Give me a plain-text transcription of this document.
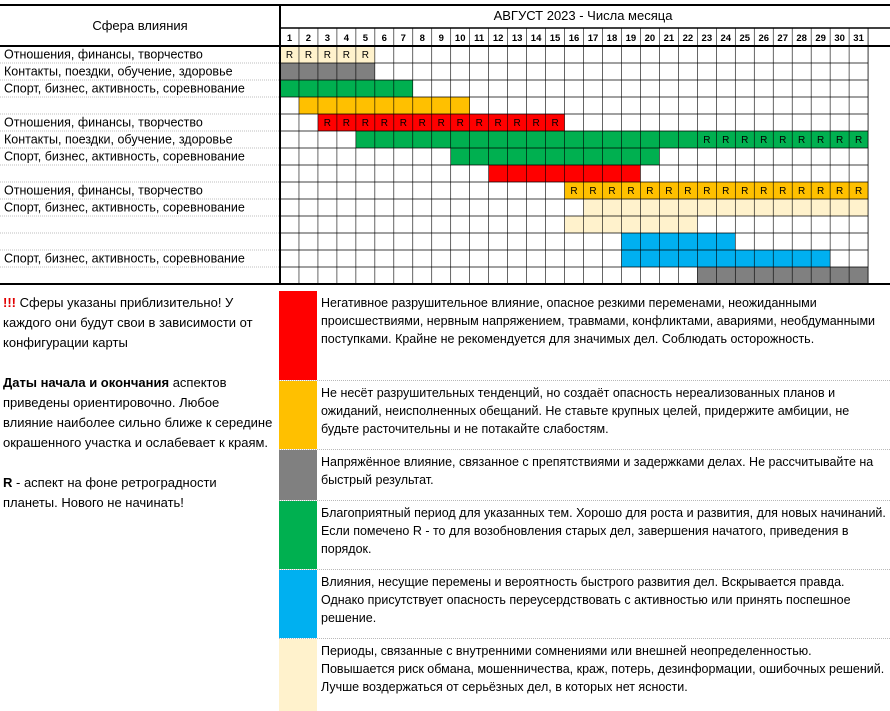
Сфера влияния
АВГУСТ 2023 - Числа месяца
1 2 3 4 5 6 7 8 9 10 11 12 13 14 15 16 17 18 19 20 21 22 23 24 25 26 27 28 29 30 31
Отношения, финансы, творчество
Контакты, поездки, обучение, здоровье
Спорт, бизнес, активность, соревнование
Отношения, финансы, творчество
Контакты, поездки, обучение, здоровье
Спорт, бизнес, активность, соревнование
Отношения, финансы, творчество
Спорт, бизнес, активность, соревнование
Спорт, бизнес, активность, соревнование
R R R R R
R R R R R R R R R R R R R
R R R R R R R R R
R R R R R R R R R R R R R R R R

!!! Сферы указаны приблизительно! У каждого они будут свои в зависимости от конфигурации карты

Даты начала и окончания аспектов приведены ориентировочно. Любое влияние наиболее сильно ближе к середине окрашенного участка и ослабевает к краям.

R - аспект на фоне ретроградности планеты. Нового не начинать!

Негативное разрушительное влияние, опасное резкими переменами, неожиданными происшествиями, нервным напряжением, травмами, конфликтами, авариями, необдуманными поступками. Крайне не рекомендуется для значимых дел. Соблюдать осторожность.
Не несёт разрушительных тенденций, но создаёт опасность нереализованных планов и ожиданий, неисполненных обещаний. Не ставьте крупных целей, придержите амбиции, не будьте расточительны и не потакайте слабостям.
Напряжённое влияние, связанное с препятствиями и задержками делах. Не рассчитывайте на быстрый результат.
Благоприятный период для указанных тем. Хорошо для роста и развития, для новых начинаний. Если помечено R - то для возобновления старых дел, завершения начатого, приведения в порядок.
Влияния, несущие перемены и вероятность быстрого развития дел. Вскрывается правда. Однако присутствует опасность переусердствовать с активностью или принять поспешное решение.
Периоды, связанные с внутренними сомнениями или внешней неопределенностью. Повышается риск обмана, мошенничества, краж, потерь, дезинформации, ошибочных решений. Лучше воздержаться от серьёзных дел, в которых нет ясности.
